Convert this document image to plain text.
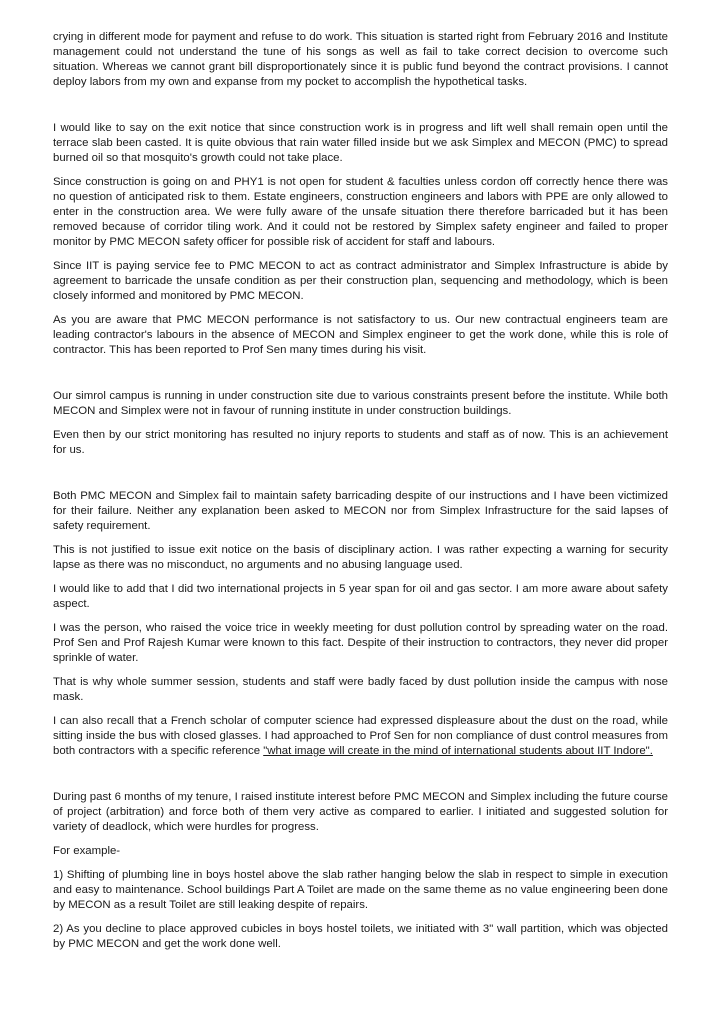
crying in different mode for payment and refuse to do work. This situation is started right from February 2016 and Institute management could not understand the tune of his songs as well as fail to take correct decision to overcome such situation. Whereas we cannot grant bill disproportionately since it is public fund beyond the contract provisions. I cannot deploy labors from my own and expanse from my pocket to accomplish the hypothetical tasks.

I would like to say on the exit notice that since construction work is in progress and lift well shall remain open until the terrace slab been casted. It is quite obvious that rain water filled inside but we ask Simplex and MECON (PMC) to spread burned oil so that mosquito's growth could not take place.

Since construction is going on and PHY1 is not open for student & faculties unless cordon off correctly hence there was no question of anticipated risk to them. Estate engineers, construction engineers and labors with PPE are only allowed to enter in the construction area. We were fully aware of the unsafe situation there therefore barricaded but it has been removed because of corridor tiling work. And it could not be restored by Simplex safety engineer and failed to proper monitor by PMC MECON safety officer for possible risk of accident for staff and labours.

Since IIT is paying service fee to PMC MECON to act as contract administrator and Simplex Infrastructure is abide by agreement to barricade the unsafe condition as per their construction plan, sequencing and methodology, which is been closely informed and monitored by PMC MECON.

As you are aware that PMC MECON performance is not satisfactory to us. Our new contractual engineers team are leading contractor's labours in the absence of MECON and Simplex engineer to get the work done, while this is role of contractor. This has been reported to Prof Sen many times during his visit.

Our simrol campus is running in under construction site due to various constraints present before the institute. While both MECON and Simplex were not in favour of running institute in under construction buildings.

Even then by our strict monitoring has resulted no injury reports to students and staff as of now. This is an achievement for us.

Both PMC MECON and Simplex fail to maintain safety barricading despite of our instructions and I have been victimized for their failure. Neither any explanation been asked to MECON nor from Simplex Infrastructure for the said lapses of safety requirement.

This is not justified to issue exit notice on the basis of disciplinary action. I was rather expecting a warning for security lapse as there was no misconduct, no arguments and no abusing language used.

I would like to add that I did two international projects in 5 year span for oil and gas sector. I am more aware about safety aspect.

I was the person, who raised the voice trice in weekly meeting for dust pollution control by spreading water on the road. Prof Sen and Prof Rajesh Kumar were known to this fact. Despite of their instruction to contractors, they never did proper sprinkle of water.

That is why whole summer session, students and staff were badly faced by dust pollution inside the campus with nose mask.

I can also recall that a French scholar of computer science had expressed displeasure about the dust on the road, while sitting inside the bus with closed glasses. I had approached to Prof Sen for non compliance of dust control measures from both contractors with a specific reference "what image will create in the mind of international students about IIT Indore".

During past 6 months of my tenure, I raised institute interest before PMC MECON and Simplex including the future course of project (arbitration) and force both of them very active as compared to earlier. I initiated and suggested solution for variety of deadlock, which were hurdles for progress.

For example-

1) Shifting of plumbing line in boys hostel above the slab rather hanging below the slab in respect to simple in execution and easy to maintenance. School buildings Part A Toilet are made on the same theme as no value engineering been done by MECON as a result Toilet are still leaking despite of repairs.

2) As you decline to place approved cubicles in boys hostel toilets, we initiated with 3" wall partition, which was objected by PMC MECON and get the work done well.
